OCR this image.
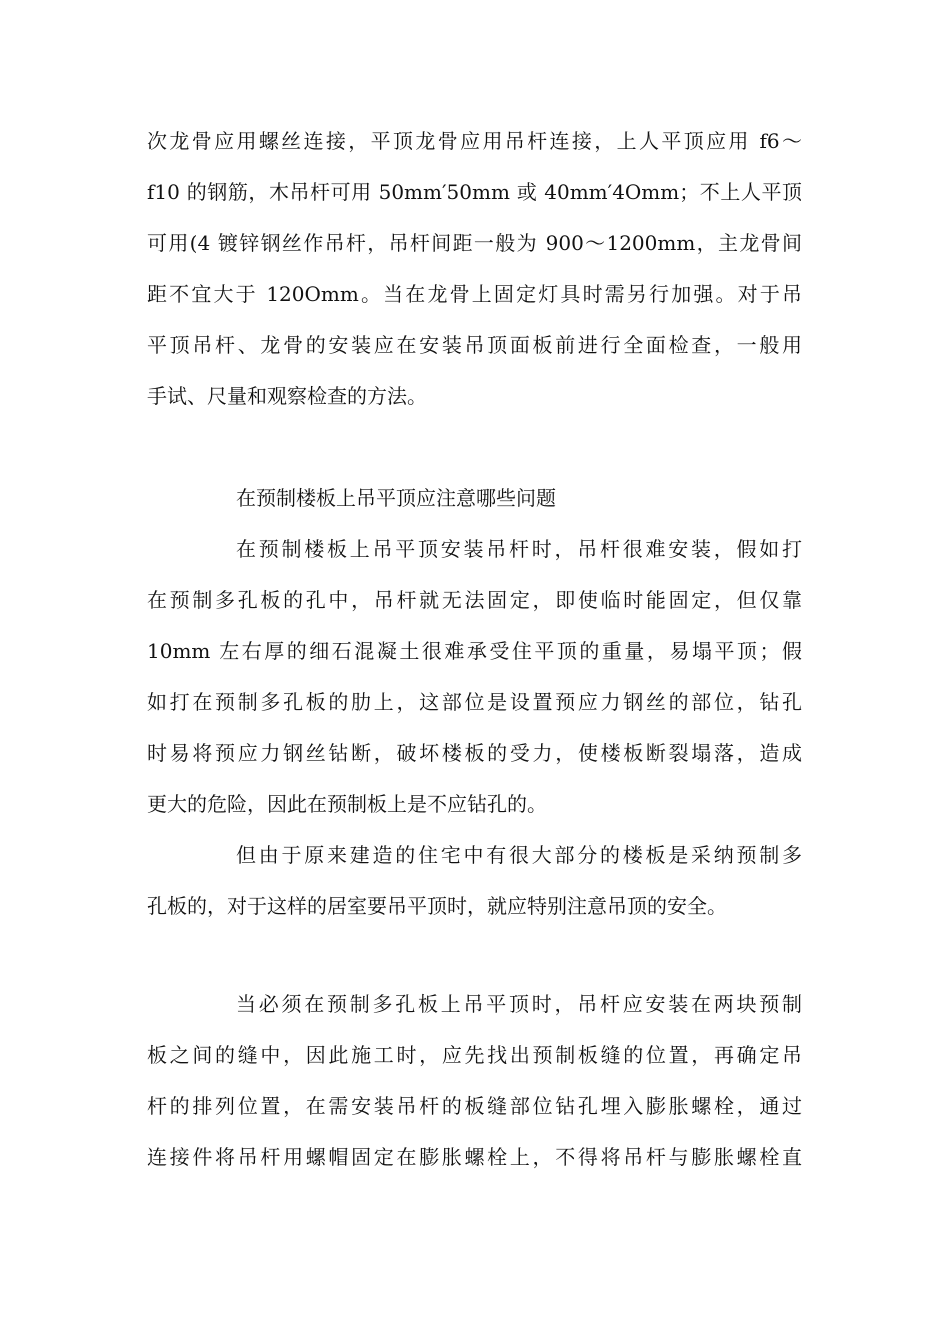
次龙骨应用螺丝连接，平顶龙骨应用吊杆连接，上人平顶应用 f6～
f10 的钢筋，木吊杆可用 50mm′50mm 或 40mm′4Omm；不上人平顶
可用(4 镀锌钢丝作吊杆，吊杆间距一般为 900～1200mm，主龙骨间
距不宜大于 120Omm。当在龙骨上固定灯具时需另行加强。对于吊
平顶吊杆、龙骨的安装应在安装吊顶面板前进行全面检查，一般用
手试、尺量和观察检查的方法。
在预制楼板上吊平顶应注意哪些问题
在预制楼板上吊平顶安装吊杆时，吊杆很难安装，假如打
在预制多孔板的孔中，吊杆就无法固定，即使临时能固定，但仅靠
10mm 左右厚的细石混凝土很难承受住平顶的重量，易塌平顶；假
如打在预制多孔板的肋上，这部位是设置预应力钢丝的部位，钻孔
时易将预应力钢丝钻断，破坏楼板的受力，使楼板断裂塌落，造成
更大的危险，因此在预制板上是不应钻孔的。
但由于原来建造的住宅中有很大部分的楼板是采纳预制多
孔板的，对于这样的居室要吊平顶时，就应特别注意吊顶的安全。
当必须在预制多孔板上吊平顶时，吊杆应安装在两块预制
板之间的缝中，因此施工时，应先找出预制板缝的位置，再确定吊
杆的排列位置，在需安装吊杆的板缝部位钻孔埋入膨胀螺栓，通过
连接件将吊杆用螺帽固定在膨胀螺栓上，不得将吊杆与膨胀螺栓直
